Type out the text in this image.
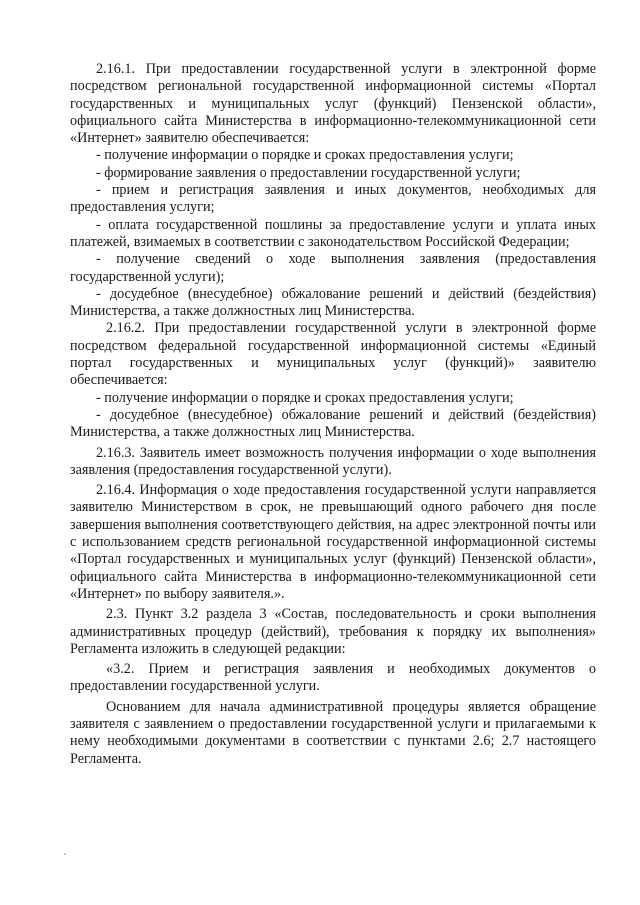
2.16.1. При предоставлении государственной услуги в электронной форме посредством региональной государственной информационной системы «Портал государственных и муниципальных услуг (функций) Пензенской области», официального сайта Министерства в информационно-телекоммуникационной сети «Интернет» заявителю обеспечивается:

- получение информации о порядке и сроках предоставления услуги;

- формирование заявления о предоставлении государственной услуги;

- прием и регистрация заявления и иных документов, необходимых для предоставления услуги;

- оплата государственной пошлины за предоставление услуги и уплата иных платежей, взимаемых в соответствии с законодательством Российской Федерации;

- получение сведений о ходе выполнения заявления (предоставления государственной услуги);

- досудебное (внесудебное) обжалование решений и действий (бездействия) Министерства, а также должностных лиц Министерства.

2.16.2. При предоставлении государственной услуги в электронной форме посредством федеральной государственной информационной системы «Единый портал государственных и муниципальных услуг (функций)» заявителю обеспечивается:

- получение информации о порядке и сроках предоставления услуги;

- досудебное (внесудебное) обжалование решений и действий (бездействия) Министерства, а также должностных лиц Министерства.

2.16.3. Заявитель имеет возможность получения информации о ходе выполнения заявления (предоставления государственной услуги).

2.16.4. Информация о ходе предоставления государственной услуги направляется заявителю Министерством в срок, не превышающий одного рабочего дня после завершения выполнения соответствующего действия, на адрес электронной почты или с использованием средств региональной государственной информационной системы «Портал государственных и муниципальных услуг (функций) Пензенской области», официального сайта Министерства в информационно-телекоммуникационной сети «Интернет» по выбору заявителя.».

2.3. Пункт 3.2 раздела 3 «Состав, последовательность и сроки выполнения административных процедур (действий), требования к порядку их выполнения» Регламента изложить в следующей редакции:

«3.2. Прием и регистрация заявления и необходимых документов о предоставлении государственной услуги.

Основанием для начала административной процедуры является обращение заявителя с заявлением о предоставлении государственной услуги и прилагаемыми к нему необходимыми документами в соответствии с пунктами 2.6; 2.7 настоящего Регламента.
